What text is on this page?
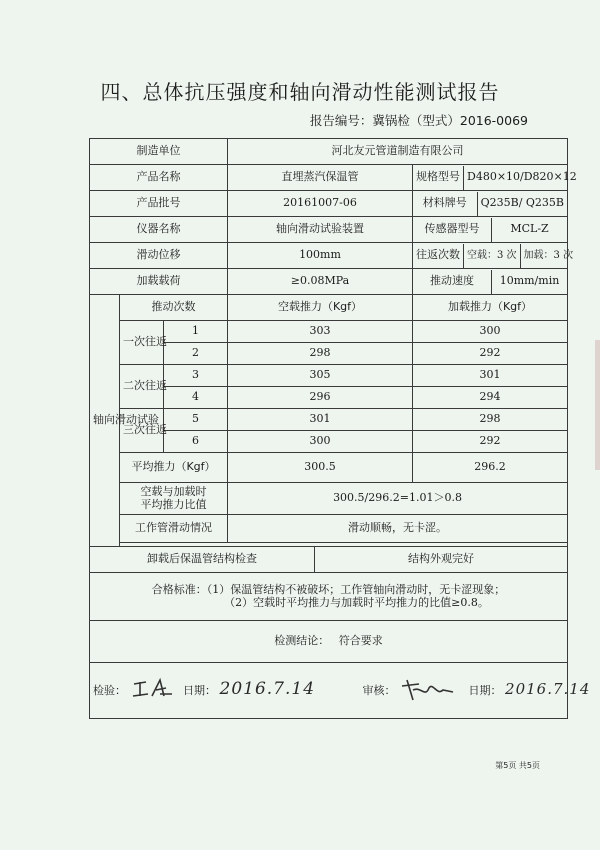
四、总体抗压强度和轴向滑动性能测试报告
报告编号：冀锅检（型式）2016-0069
制造单位	河北友元管道制造有限公司
产品名称	直埋蒸汽保温管		规格型号	D480×10/D820×12

产品批号	20161007-06		材料牌号	Q235B/ Q235B

仪器名称	轴向滑动试验装置		传感器型号	MCL-Z

滑动位移	100mm		往返次数	空载：3 次	加载：3 次

加载载荷	≥0.08MPa		推动速度	10mm/min

轴向滑动试验	推动次数	空载推力（Kgf）	加载推力（Kgf）
一次往返	1	303	300
2	298	292
二次往返	3	305	301
4	296	294
三次往返	5	301	298
6	300	292
平均推力（Kgf）	300.5	296.2
空载与加载时
平均推力比值	300.5/296.2=1.01＞0.8
工作管滑动情况	滑动顺畅，无卡涩。

卸载后保温管结构检查	结构外观完好
合格标准：（1）保温管结构不被破坏；工作管轴向滑动时，无卡涩现象；
（2）空载时平均推力与加载时平均推力的比值≥0.8。

检测结论： 符合要求
检验：	日期： 2016.7.14	审核：	日期： 2016.7.14
第5页 共5页
